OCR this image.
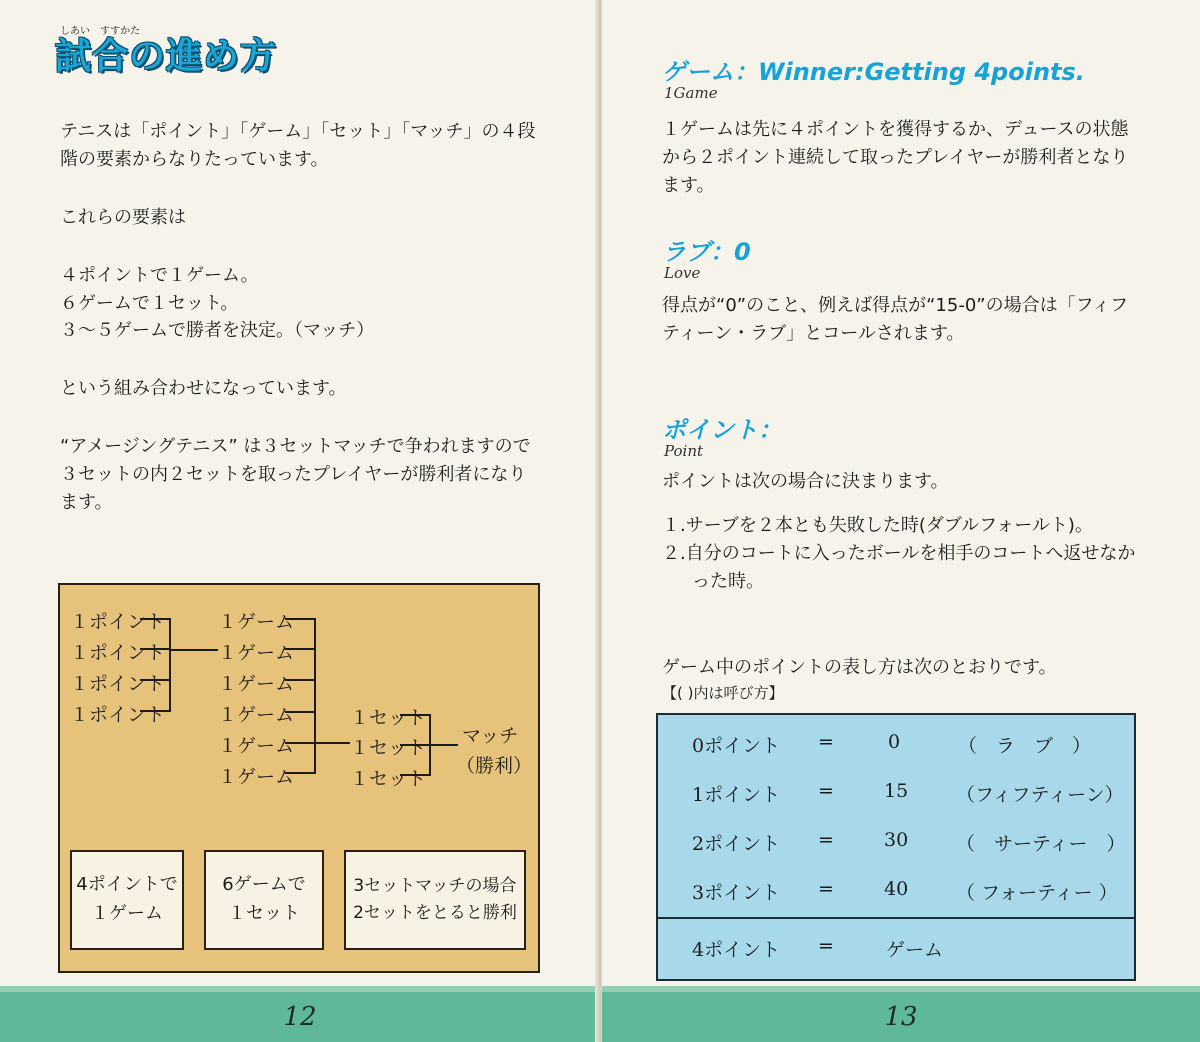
しあい　すすかた
試合の進め方

テニスは「ポイント」「ゲーム」「セット」「マッチ」の４段階の要素からなりたっています。

これらの要素は

４ポイントで１ゲーム。
６ゲームで１セット。

３〜５ゲームで勝者を決定。（マッチ）

という組み合わせになっています。

“アメージングテニス” は３セットマッチで争われますので３セットの内２セットを取ったプレイヤーが勝利者になります。

１ポイント
１ポイント
１ポイント
１ポイント
１ゲーム
１ゲーム
１ゲーム
１ゲーム
１ゲーム
１ゲーム
１セット
１セット
１セット
マッチ
（勝利）
4ポイントで
１ゲーム
6ゲームで
１セット
3セットマッチの場合
2セットをとると勝利
12	13
ゲーム：Winner:Getting 4points.
1Game
１ゲームは先に４ポイントを獲得するか、デュースの状態から２ポイント連続して取ったプレイヤーが勝利者となります。
ラブ：0
Love
得点が“0”のこと、例えば得点が“15-0”の場合は「フィフティーン・ラブ」とコールされます。
ポイント：
Point
ポイントは次の場合に決まります。
１.サーブを２本とも失敗した時(ダブルフォールト)。
２.自分のコートに入ったボールを相手のコートへ返せなかった時。
ゲーム中のポイントの表し方は次のとおりです。
【( )内は呼び方】
0ポイント =	0	（　ラ　ブ　）
1ポイント =	15	（フィフティーン）
2ポイント =	30	（　サーティー　）
3ポイント =	40	（ フォーティー ）
4ポイント =	ゲーム
